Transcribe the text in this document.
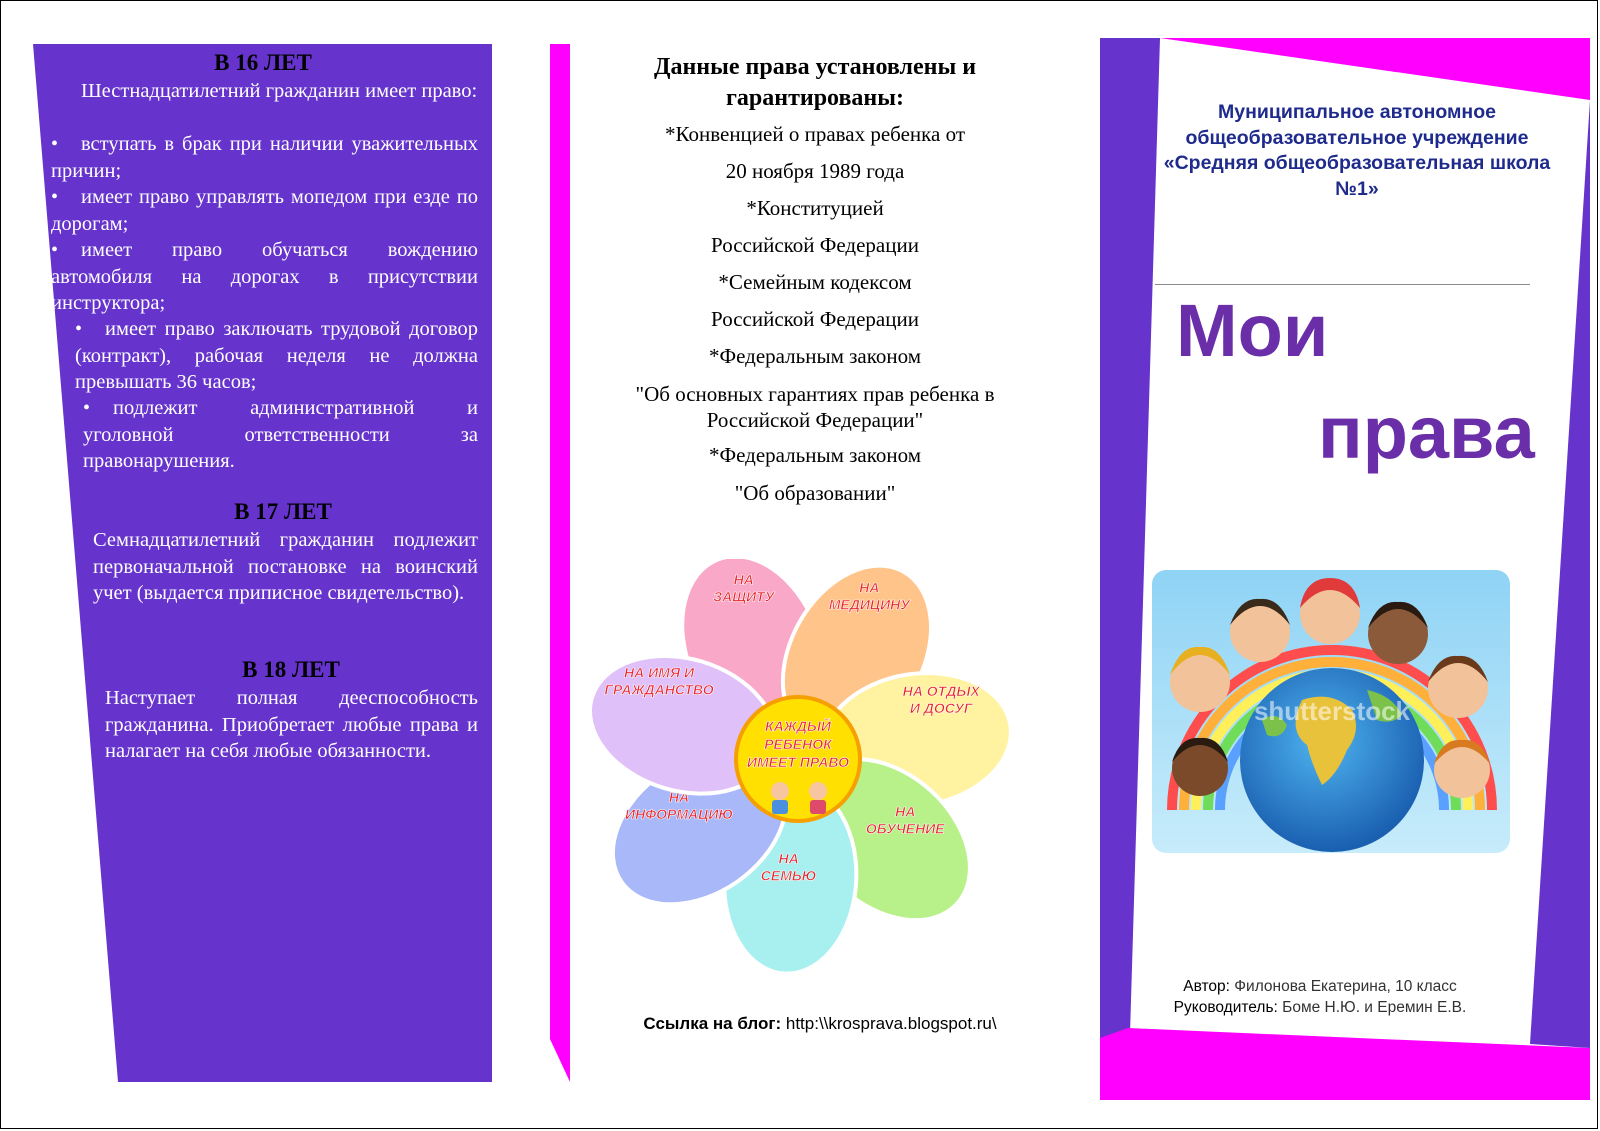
В 16 ЛЕТ
Шестнадцатилетний гражданин имеет право:
• вступать в брак при наличии уважительных причин;
• имеет право управлять мопедом при езде по дорогам;
• имеет право обучаться вождению автомобиля на дорогах в присутствии инструктора;
• имеет право заключать трудовой договор (контракт), рабочая неделя не должна превышать 36 часов;
• подлежит административной и уголовной ответственности за правонарушения.
В 17 ЛЕТ
Семнадцатилетний гражданин подлежит первоначальной постановке на воинский учет (выдается приписное свидетельство).
В 18 ЛЕТ
Наступает полная дееспособность гражданина. Приобретает любые права и налагает на себя любые обязанности.
Данные права установлены и гарантированы:
*Конвенцией о правах ребенка от
20 ноября 1989 года
*Конституцией
Российской Федерации
*Семейным кодексом
Российской Федерации
*Федеральным законом
"Об основных гарантиях прав ребенка в Российской Федерации"
*Федеральным законом
"Об образовании"
НА
ЗАЩИТУ
НА
МЕДИЦИНУ
НА ОТДЫХ
И ДОСУГ
НА
ОБУЧЕНИЕ
НА
СЕМЬЮ
НА
ИНФОРМАЦИЮ
НА ИМЯ И
ГРАЖДАНСТВО
КАЖДЫЙ
РЕБЕНОК
ИМЕЕТ ПРАВО
Ссылка на блог: http:\\krosprava.blogspot.ru\
Муниципальное автономное общеобразовательное учреждение «Средняя общеобразовательная школа №1»
Мои
права
shutterstock
Автор: Филонова Екатерина, 10 класс
Руководитель: Боме Н.Ю. и Еремин Е.В.
